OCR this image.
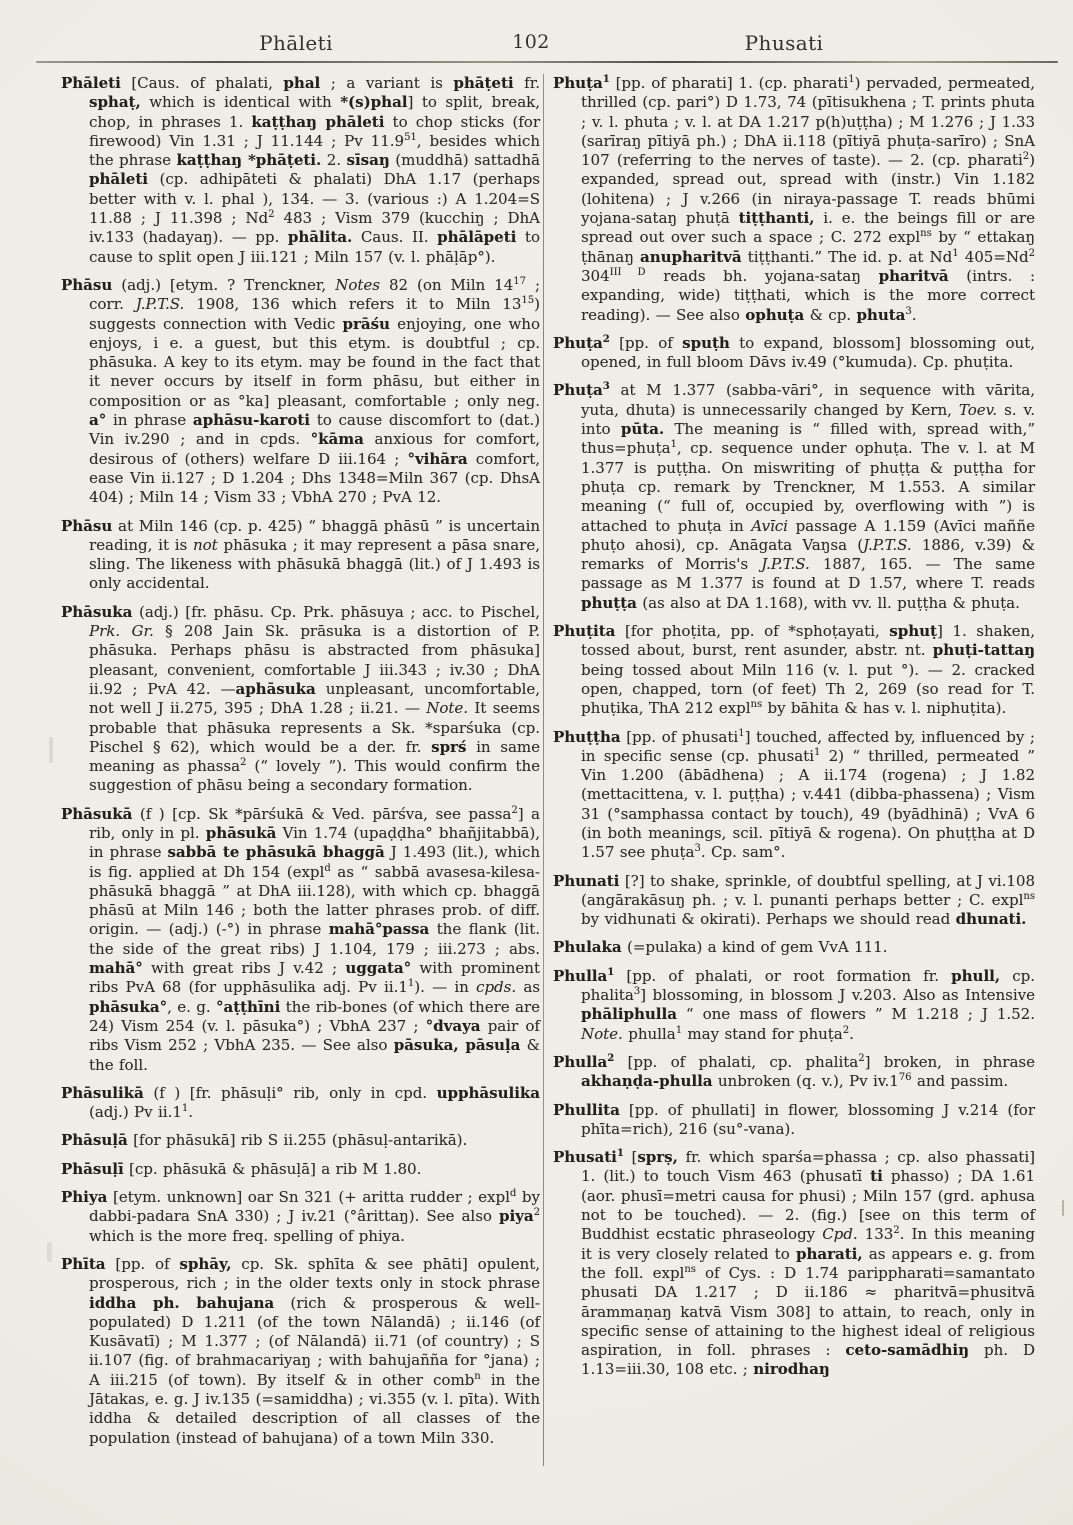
Phāleti	102	Phusati

Phāleti [Caus. of phalati, phal ; a variant is phāṭeti fr. sphaṭ, which is identical with *(s)phal] to split, break, chop, in phrases 1. kaṭṭhaŋ phāleti to chop sticks (for firewood) Vin 1.31 ; J 11.144 ; Pv 11.9$^{51}$, besides which the phrase kaṭṭhaŋ *phāṭeti. 2. sīsaŋ (muddhā) sattadhā phāleti (cp. adhipāteti & phalati) DhA 1.17 (perhaps better with v. l. phal ), 134. — 3. (various :) A 1.204=S 11.88 ; J 11.398 ; Nd$^2$ 483 ; Vism 379 (kucchiŋ ; DhA iv.133 (hadayaŋ). — pp. phālita. Caus. II. phālāpeti to cause to split open J iii.121 ; Miln 157 (v. l. phāḷāp°).

Phāsu (adj.) [etym. ? Trenckner, Notes 82 (on Miln $14^{17}$ ; corr. J.P.T.S. 1908, 136 which refers it to Miln $13^{15}$) suggests connection with Vedic prāśu enjoying, one who enjoys, i e. a guest, but this etym. is doubtful ; cp. phāsuka. A key to its etym. may be found in the fact that it never occurs by itself in form phāsu, but either in composition or as °ka] pleasant, comfortable ; only neg. a° in phrase aphāsu-karoti to cause discomfort to (dat.) Vin iv.290 ; and in cpds. °kāma anxious for comfort, desirous of (others) welfare D iii.164 ; °vihāra comfort, ease Vin ii.127 ; D 1.204 ; Dhs 1348=Miln 367 (cp. DhsA 404) ; Miln 14 ; Vism 33 ; VbhA 270 ; PvA 12.

Phāsu at Miln 146 (cp. p. 425) “ bhaggā phāsū ” is uncertain reading, it is not phāsuka ; it may represent a pāsa snare, sling. The likeness with phāsukā bhaggā (lit.) of J 1.493 is only accidental.

Phāsuka (adj.) [fr. phāsu. Cp. Prk. phāsuya ; acc. to Pischel, Prk. Gr. § 208 Jain Sk. prāsuka is a distortion of P. phāsuka. Perhaps phāsu is abstracted from phāsuka] pleasant, convenient, comfortable J iii.343 ; iv.30 ; DhA ii.92 ; PvA 42. —aphāsuka unpleasant, uncomfortable, not well J ii.275, 395 ; DhA 1.28 ; ii.21. — Note. It seems probable that phāsuka represents a Sk. *sparśuka (cp. Pischel § 62), which would be a der. fr. sprś in same meaning as phassa$^2$ (“ lovely ”). This would confirm the suggestion of phāsu being a secondary formation.

Phāsukā (f ) [cp. Sk *pārśukā & Ved. pārśva, see passa$^2$] a rib, only in pl. phāsukā Vin 1.74 (upaḍḍha° bhañjitabbā), in phrase sabbā te phāsukā bhaggā J 1.493 (lit.), which is fig. applied at Dh 154 (expl$^d$ as “ sabbā avasesa-kilesa-phāsukā bhaggā ” at DhA iii.128), with which cp. bhaggā phāsū at Miln 146 ; both the latter phrases prob. of diff. origin. — (adj.) (-°) in phrase mahā°passa the flank (lit. the side of the great ribs) J 1.104, 179 ; iii.273 ; abs. mahā° with great ribs J v.42 ; uggata° with prominent ribs PvA 68 (for upphāsulika adj. Pv $ii.1^1$). — in cpds. as phāsuka°, e. g. °aṭṭhīni the rib-bones (of which there are 24) Vism 254 (v. l. pāsuka°) ; VbhA 237 ; °dvaya pair of ribs Vism 252 ; VbhA 235. — See also pāsuka, pāsuḷa & the foll.

Phāsulikā (f ) [fr. phāsuḷi° rib, only in cpd. upphāsulika (adj.) Pv $ii.1^1$.

Phāsuḷā [for phāsukā] rib S ii.255 (phāsuḷ-antarikā).

Phāsuḷī [cp. phāsukā & phāsuḷā] a rib M 1.80.

Phiya [etym. unknown] oar Sn 321 (+ aritta rudder ; expl$^d$ by dabbi-padara SnA 330) ; J iv.21 (°ârittaŋ). See also piya$^2$ which is the more freq. spelling of phiya.

Phīta [pp. of sphāy, cp. Sk. sphīta & see phāti] opulent, prosperous, rich ; in the older texts only in stock phrase iddha ph. bahujana (rich & prosperous & well-populated) D 1.211 (of the town Nālandā) ; ii.146 (of Kusāvatī) ; M 1.377 ; (of Nālandā) ii.71 (of country) ; S ii.107 (fig. of brahmacariyaŋ ; with bahujañña for °jana) ; A iii.215 (of town). By itself & in other comb$^n$ in the Jātakas, e. g. J iv.135 (=samiddha) ; vi.355 (v. l. pīta). With iddha & detailed description of all classes of the population (instead of bahujana) of a town Miln 330.

Phuṭa$^1$ [pp. of pharati] 1. (cp. pharati$^1$) pervaded, permeated, thrilled (cp. pari°) D 1.73, 74 (pītisukhena ; T. prints phuta ; v. l. phuta ; v. l. at DA 1.217 p(h)uṭṭha) ; M 1.276 ; J 1.33 (sarīraŋ pītiyā ph.) ; DhA ii.118 (pītiyā phuṭa-sarīro) ; SnA 107 (referring to the nerves of taste). — 2. (cp. pharati$^2$) expanded, spread out, spread with (instr.) Vin 1.182 (lohitena) ; J v.266 (in niraya-passage T. reads bhūmi yojana-sataŋ phuṭā tiṭṭhanti, i. e. the beings fill or are spread out over such a space ; C. 272 expl$^{ns}$ by “ ettakaŋ ṭhānaŋ anupharitvā tiṭṭhanti.” The id. p. at Nd$^1$ $405=Nd^2$ $304^{III D}$ reads bh. yojana-sataŋ pharitvā (intrs. : expanding, wide) tiṭṭhati, which is the more correct reading). — See also ophuṭa & cp. phuta$^3$.

Phuṭa$^2$ [pp. of spuṭh to expand, blossom] blossoming out, opened, in full bloom Dāvs iv.49 (°kumuda). Cp. phuṭita.

Phuṭa$^3$ at M 1.377 (sabba-vāri°, in sequence with vārita, yuta, dhuta) is unnecessarily changed by Kern, Toev. s. v. into pūta. The meaning is “ filled with, spread with,” thus=phuṭa$^1$, cp. sequence under ophuṭa. The v. l. at M 1.377 is puṭṭha. On miswriting of phuṭṭa & puṭṭha for phuṭa cp. remark by Trenckner, M 1.553. A similar meaning (“ full of, occupied by, overflowing with ”) is attached to phuṭa in Avīci passage A 1.159 (Avīci maññe phuṭo ahosi), cp. Anāgata Vaŋsa (J.P.T.S. 1886, v.39) & remarks of Morris's J.P.T.S. 1887, 165. — The same passage as M 1.377 is found at D 1.57, where T. reads phuṭṭa (as also at DA 1.168), with vv. ll. puṭṭha & phuṭa.

Phuṭita [for phoṭita, pp. of *sphoṭayati, sphuṭ] 1. shaken, tossed about, burst, rent asunder, abstr. nt. phuṭi-tattaŋ being tossed about Miln 116 (v. l. put °). — 2. cracked open, chapped, torn (of feet) Th 2, 269 (so read for T. phuṭika, ThA 212 expl$^{ns}$ by bāhita & has v. l. niphuṭita).

Phuṭṭha [pp. of phusati$^1$] touched, affected by, influenced by ; in specific sense (cp. phusati$^1$ 2) “ thrilled, permeated ” Vin 1.200 (ābādhena) ; A ii.174 (rogena) ; J 1.82 (mettacittena, v. l. puṭṭha) ; v.441 (dibba-phassena) ; Vism 31 (°samphassa contact by touch), 49 (byādhinā) ; VvA 6 (in both meanings, scil. pītiyā & rogena). On phuṭṭha at D 1.57 see phuṭa$^3$. Cp. sam°.

Phunati [?] to shake, sprinkle, of doubtful spelling, at J vi.108 (angārakāsuŋ ph. ; v. l. punanti perhaps better ; C. expl$^{ns}$ by vidhunati & okirati). Perhaps we should read dhunati.

Phulaka (=pulaka) a kind of gem VvA 111.

Phulla$^1$ [pp. of phalati, or root formation fr. phull, cp. phalita$^3$] blossoming, in blossom J v.203. Also as Intensive phāliphulla “ one mass of flowers ” M 1.218 ; J 1.52. Note. phulla$^1$ may stand for phuṭa$^2$.

Phulla$^2$ [pp. of phalati, cp. phalita$^2$] broken, in phrase akhaṇḍa-phulla unbroken (q. v.), Pv $iv.1^{76}$ and passim.

Phullita [pp. of phullati] in flower, blossoming J v.214 (for phīta=rich), 216 (su°-vana).

Phusati$^1$ [sprṣ, fr. which sparśa=phassa ; cp. also phassati] 1. (lit.) to touch Vism 463 (phusatī ti phasso) ; DA 1.61 (aor. phusī=metri causa for phusi) ; Miln 157 (grd. aphusa not to be touched). — 2. (fig.) [see on this term of Buddhist ecstatic phraseology Cpd. $133^2$. In this meaning it is very closely related to pharati, as appears e. g. from the foll. expl$^{ns}$ of Cys. : D 1.74 parippharati=samantato phusati DA 1.217 ; D ii.186 ≈ pharitvā=phusitvā ārammaṇaŋ katvā Vism 308] to attain, to reach, only in specific sense of attaining to the highest ideal of religious aspiration, in foll. phrases : ceto-samādhiŋ ph. D 1.13=iii.30, 108 etc. ; nirodhaŋ
